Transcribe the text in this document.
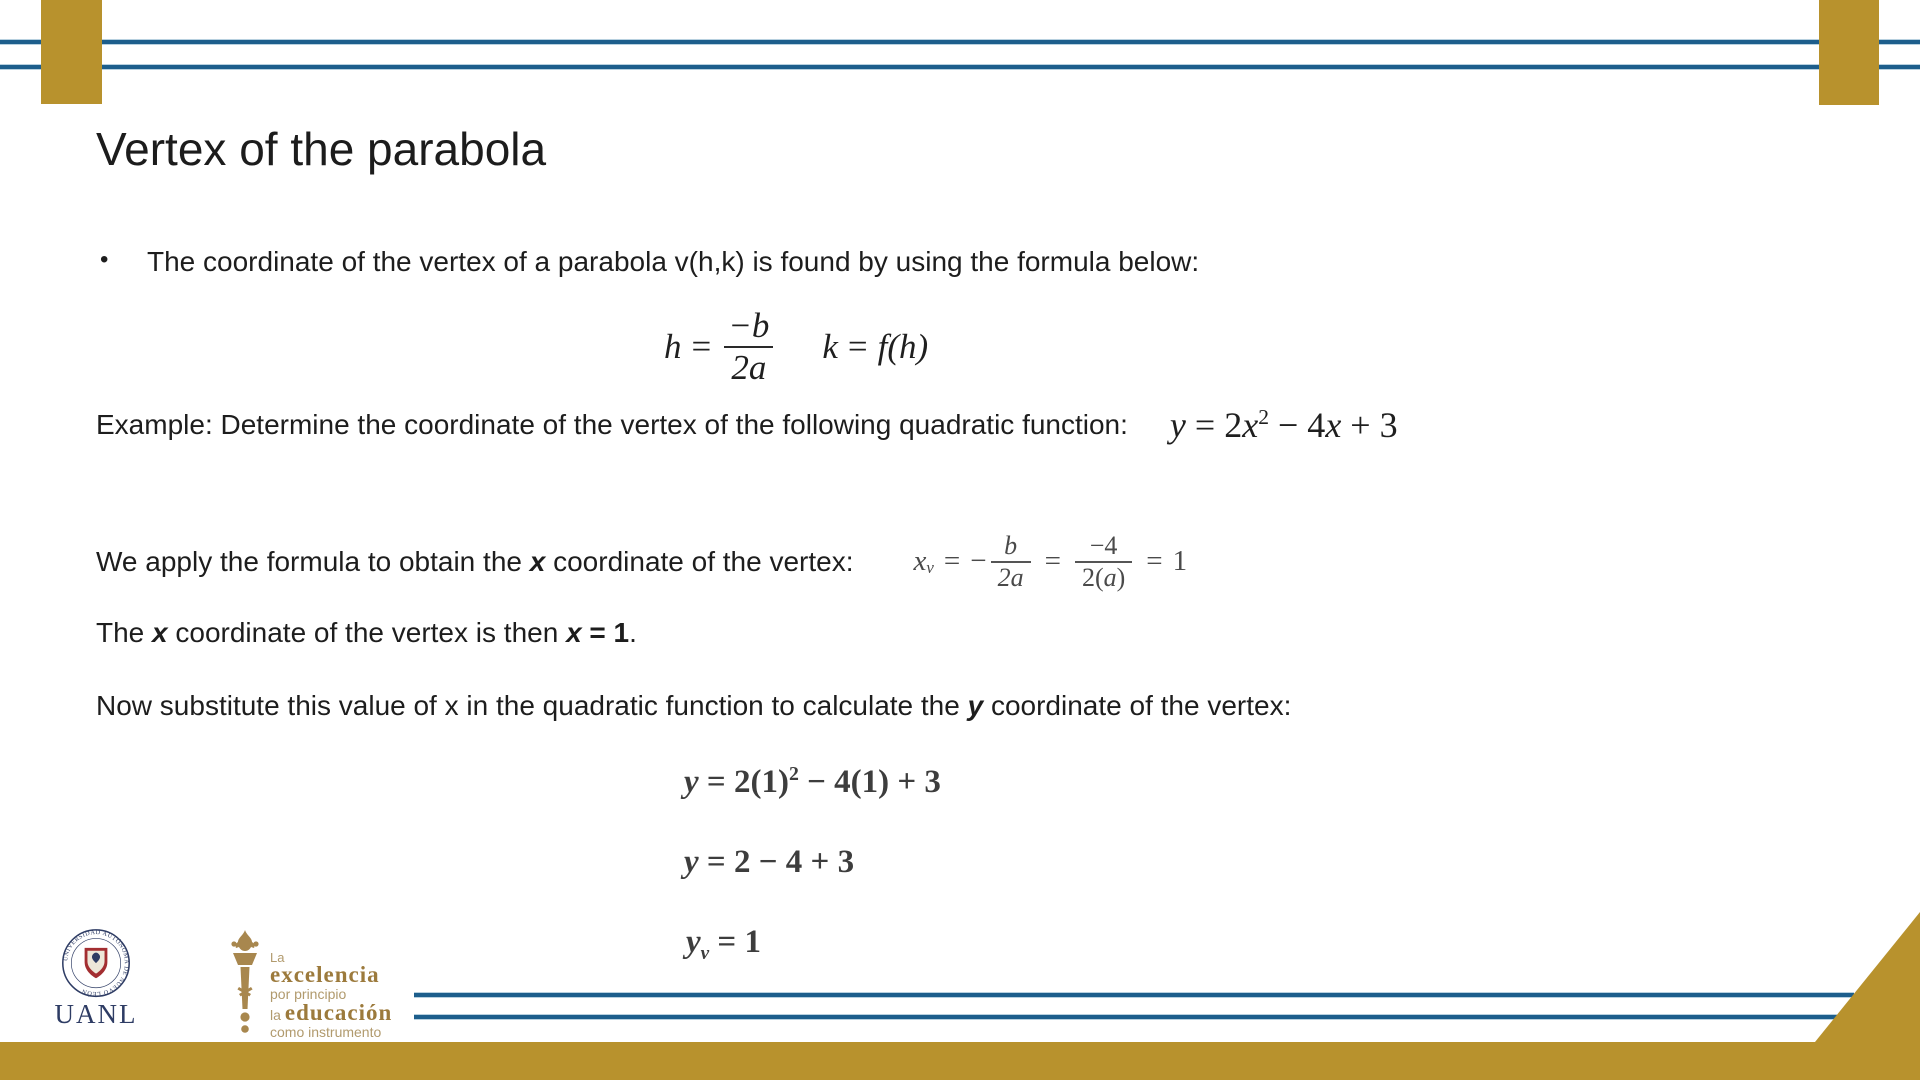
Vertex of the parabola
•	The coordinate of the vertex of a parabola v(h,k) is found by using the formula below:
$h = \frac{-b}{2a}$ k = f(h)
Example: Determine the coordinate of the vertex of the following quadratic function: $y = 2x^2 - 4x + 3$
We apply the formula to obtain the x coordinate of the vertex: x v = − $\frac{b}{2a} = \frac{-4}{2(a)} = 1$
The x coordinate of the vertex is then x = 1.
Now substitute this value of x in the quadratic function to calculate the y coordinate of the vertex:
$y = 2(1)^2 - 4(1) + 3$
y = 2 − 4 + 3
$y_v = 1$
UNIVERSIDAD AUTÓNOMA DE NUEVO LEÓN
UANL
La
excelencia
por principio
la educación
como instrumento
